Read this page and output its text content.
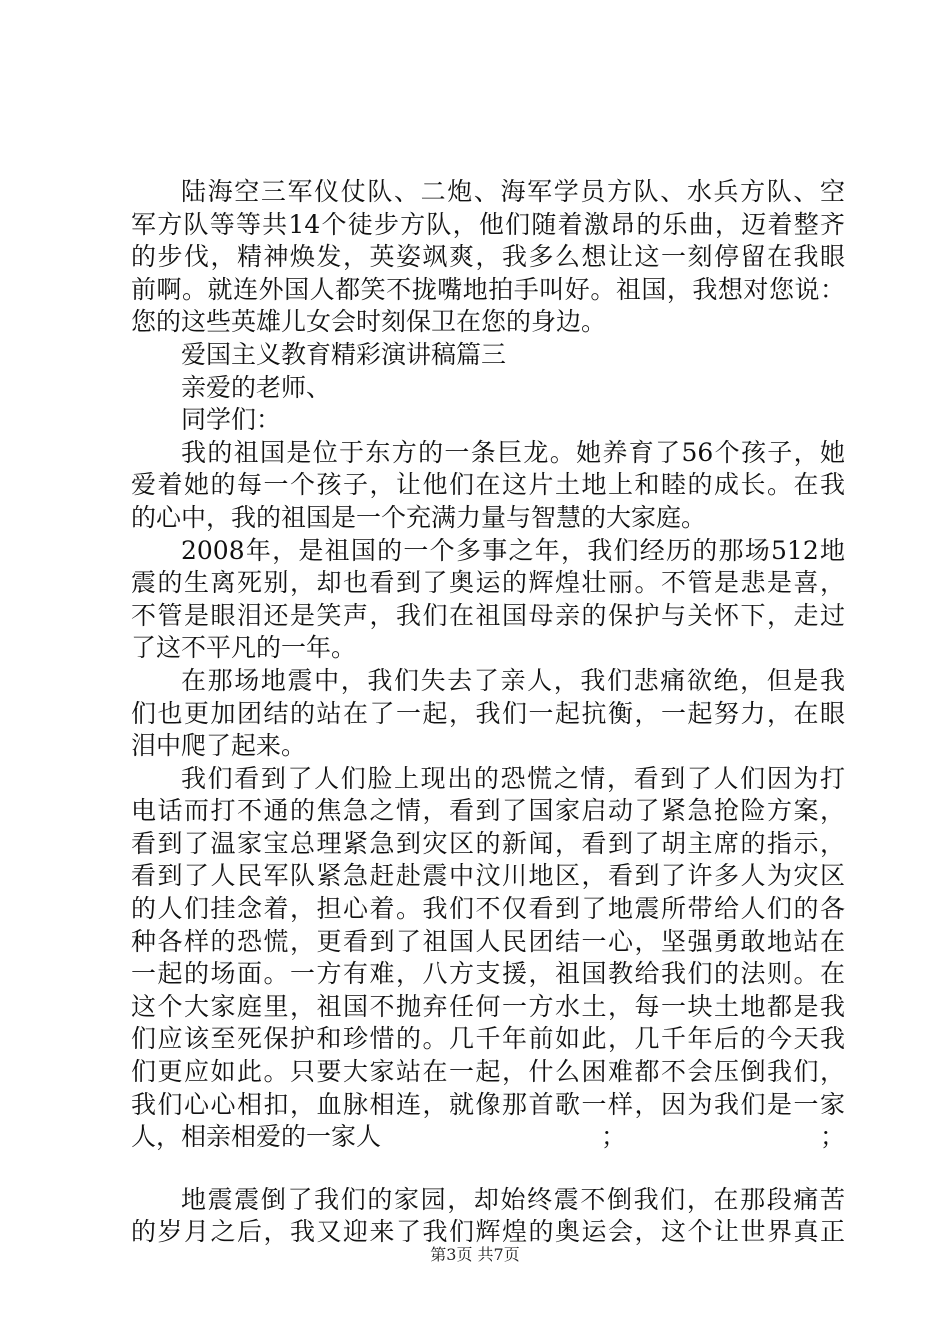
陆海空三军仪仗队、二炮、海军学员方队、水兵方队、空
军方队等等共14个徒步方队，他们随着激昂的乐曲，迈着整齐
的步伐，精神焕发，英姿飒爽，我多么想让这一刻停留在我眼
前啊。就连外国人都笑不拢嘴地拍手叫好。祖国，我想对您说：
您的这些英雄儿女会时刻保卫在您的身边。
爱国主义教育精彩演讲稿篇三
亲爱的老师、
同学们：
我的祖国是位于东方的一条巨龙。她养育了56个孩子，她
爱着她的每一个孩子，让他们在这片土地上和睦的成长。在我
的心中，我的祖国是一个充满力量与智慧的大家庭。
2008年，是祖国的一个多事之年，我们经历的那场512地
震的生离死别，却也看到了奥运的辉煌壮丽。不管是悲是喜，
不管是眼泪还是笑声，我们在祖国母亲的保护与关怀下，走过
了这不平凡的一年。
在那场地震中，我们失去了亲人，我们悲痛欲绝，但是我
们也更加团结的站在了一起，我们一起抗衡，一起努力，在眼
泪中爬了起来。
我们看到了人们脸上现出的恐慌之情，看到了人们因为打
电话而打不通的焦急之情，看到了国家启动了紧急抢险方案，
看到了温家宝总理紧急到灾区的新闻，看到了胡主席的指示，
看到了人民军队紧急赶赴震中汶川地区，看到了许多人为灾区
的人们挂念着，担心着。我们不仅看到了地震所带给人们的各
种各样的恐慌，更看到了祖国人民团结一心，坚强勇敢地站在
一起的场面。一方有难，八方支援，祖国教给我们的法则。在
这个大家庭里，祖国不抛弃任何一方水土，每一块土地都是我
们应该至死保护和珍惜的。几千年前如此，几千年后的今天我
们更应如此。只要大家站在一起，什么困难都不会压倒我们，
我们心心相扣，血脉相连，就像那首歌一样，因为我们是一家
人，相亲相爱的一家人	；	；
地震震倒了我们的家园，却始终震不倒我们，在那段痛苦
的岁月之后，我又迎来了我们辉煌的奥运会，这个让世界真正
第3页 共7页
